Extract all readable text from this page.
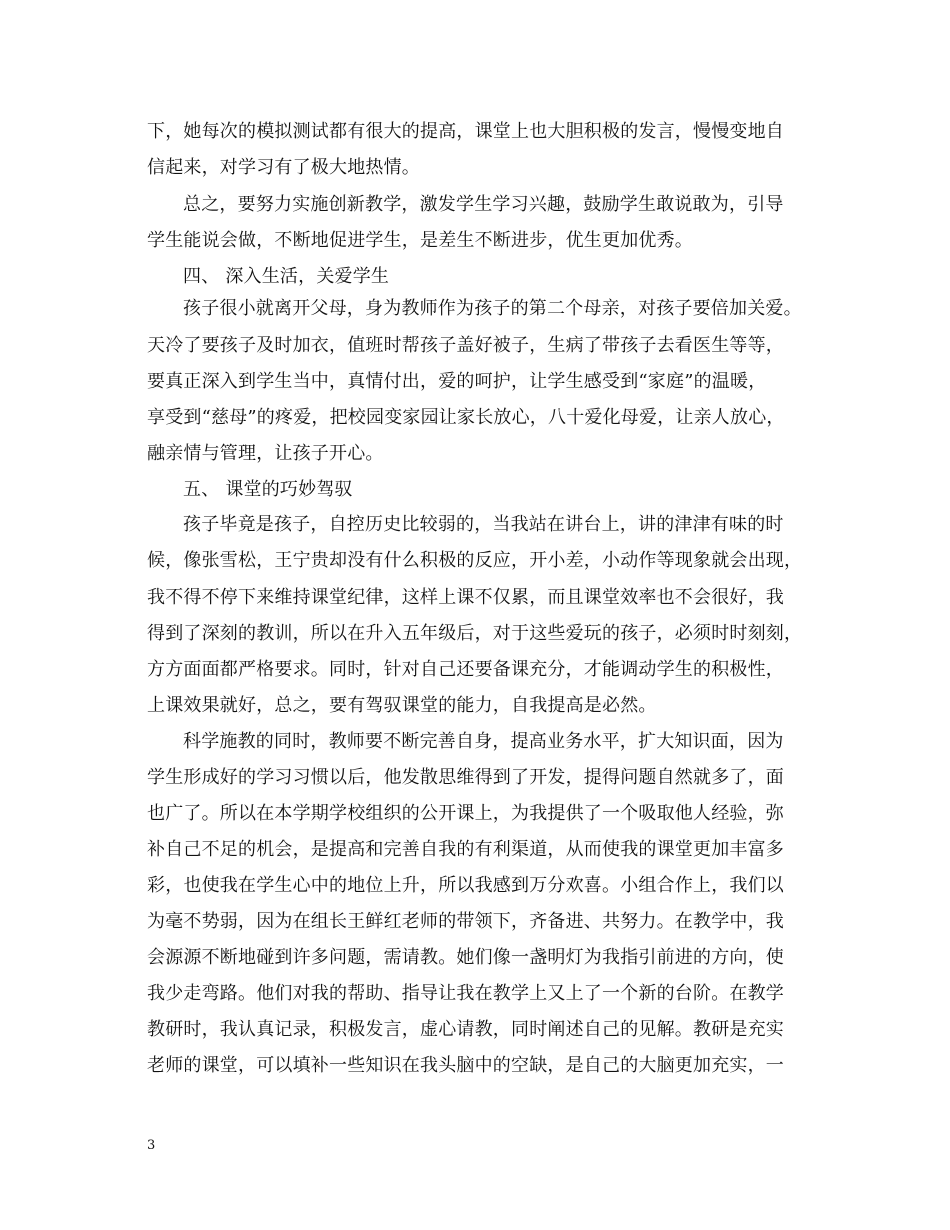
下，她每次的模拟测试都有很大的提高，课堂上也大胆积极的发言，慢慢变地自
信起来，对学习有了极大地热情。
总之，要努力实施创新教学，激发学生学习兴趣，鼓励学生敢说敢为，引导
学生能说会做，不断地促进学生，是差生不断进步，优生更加优秀。
四、 深入生活，关爱学生
孩子很小就离开父母，身为教师作为孩子的第二个母亲，对孩子要倍加关爱。
天冷了要孩子及时加衣，值班时帮孩子盖好被子，生病了带孩子去看医生等等，
要真正深入到学生当中，真情付出，爱的呵护，让学生感受到“家庭”的温暖，
享受到“慈母”的疼爱，把校园变家园让家长放心，八十爱化母爱，让亲人放心，
融亲情与管理，让孩子开心。
五、 课堂的巧妙驾驭
孩子毕竟是孩子，自控历史比较弱的，当我站在讲台上，讲的津津有味的时
候，像张雪松，王宁贵却没有什么积极的反应，开小差，小动作等现象就会出现，
我不得不停下来维持课堂纪律，这样上课不仅累，而且课堂效率也不会很好，我
得到了深刻的教训，所以在升入五年级后，对于这些爱玩的孩子，必须时时刻刻，
方方面面都严格要求。同时，针对自己还要备课充分，才能调动学生的积极性，
上课效果就好，总之，要有驾驭课堂的能力，自我提高是必然。
科学施教的同时，教师要不断完善自身，提高业务水平，扩大知识面，因为
学生形成好的学习习惯以后，他发散思维得到了开发，提得问题自然就多了，面
也广了。所以在本学期学校组织的公开课上，为我提供了一个吸取他人经验，弥
补自己不足的机会，是提高和完善自我的有利渠道，从而使我的课堂更加丰富多
彩，也使我在学生心中的地位上升，所以我感到万分欢喜。小组合作上，我们以
为毫不势弱，因为在组长王鲜红老师的带领下，齐备进、共努力。在教学中，我
会源源不断地碰到许多问题，需请教。她们像一盏明灯为我指引前进的方向，使
我少走弯路。他们对我的帮助、指导让我在教学上又上了一个新的台阶。在教学
教研时，我认真记录，积极发言，虚心请教，同时阐述自己的见解。教研是充实
老师的课堂，可以填补一些知识在我头脑中的空缺，是自己的大脑更加充实，一
3
